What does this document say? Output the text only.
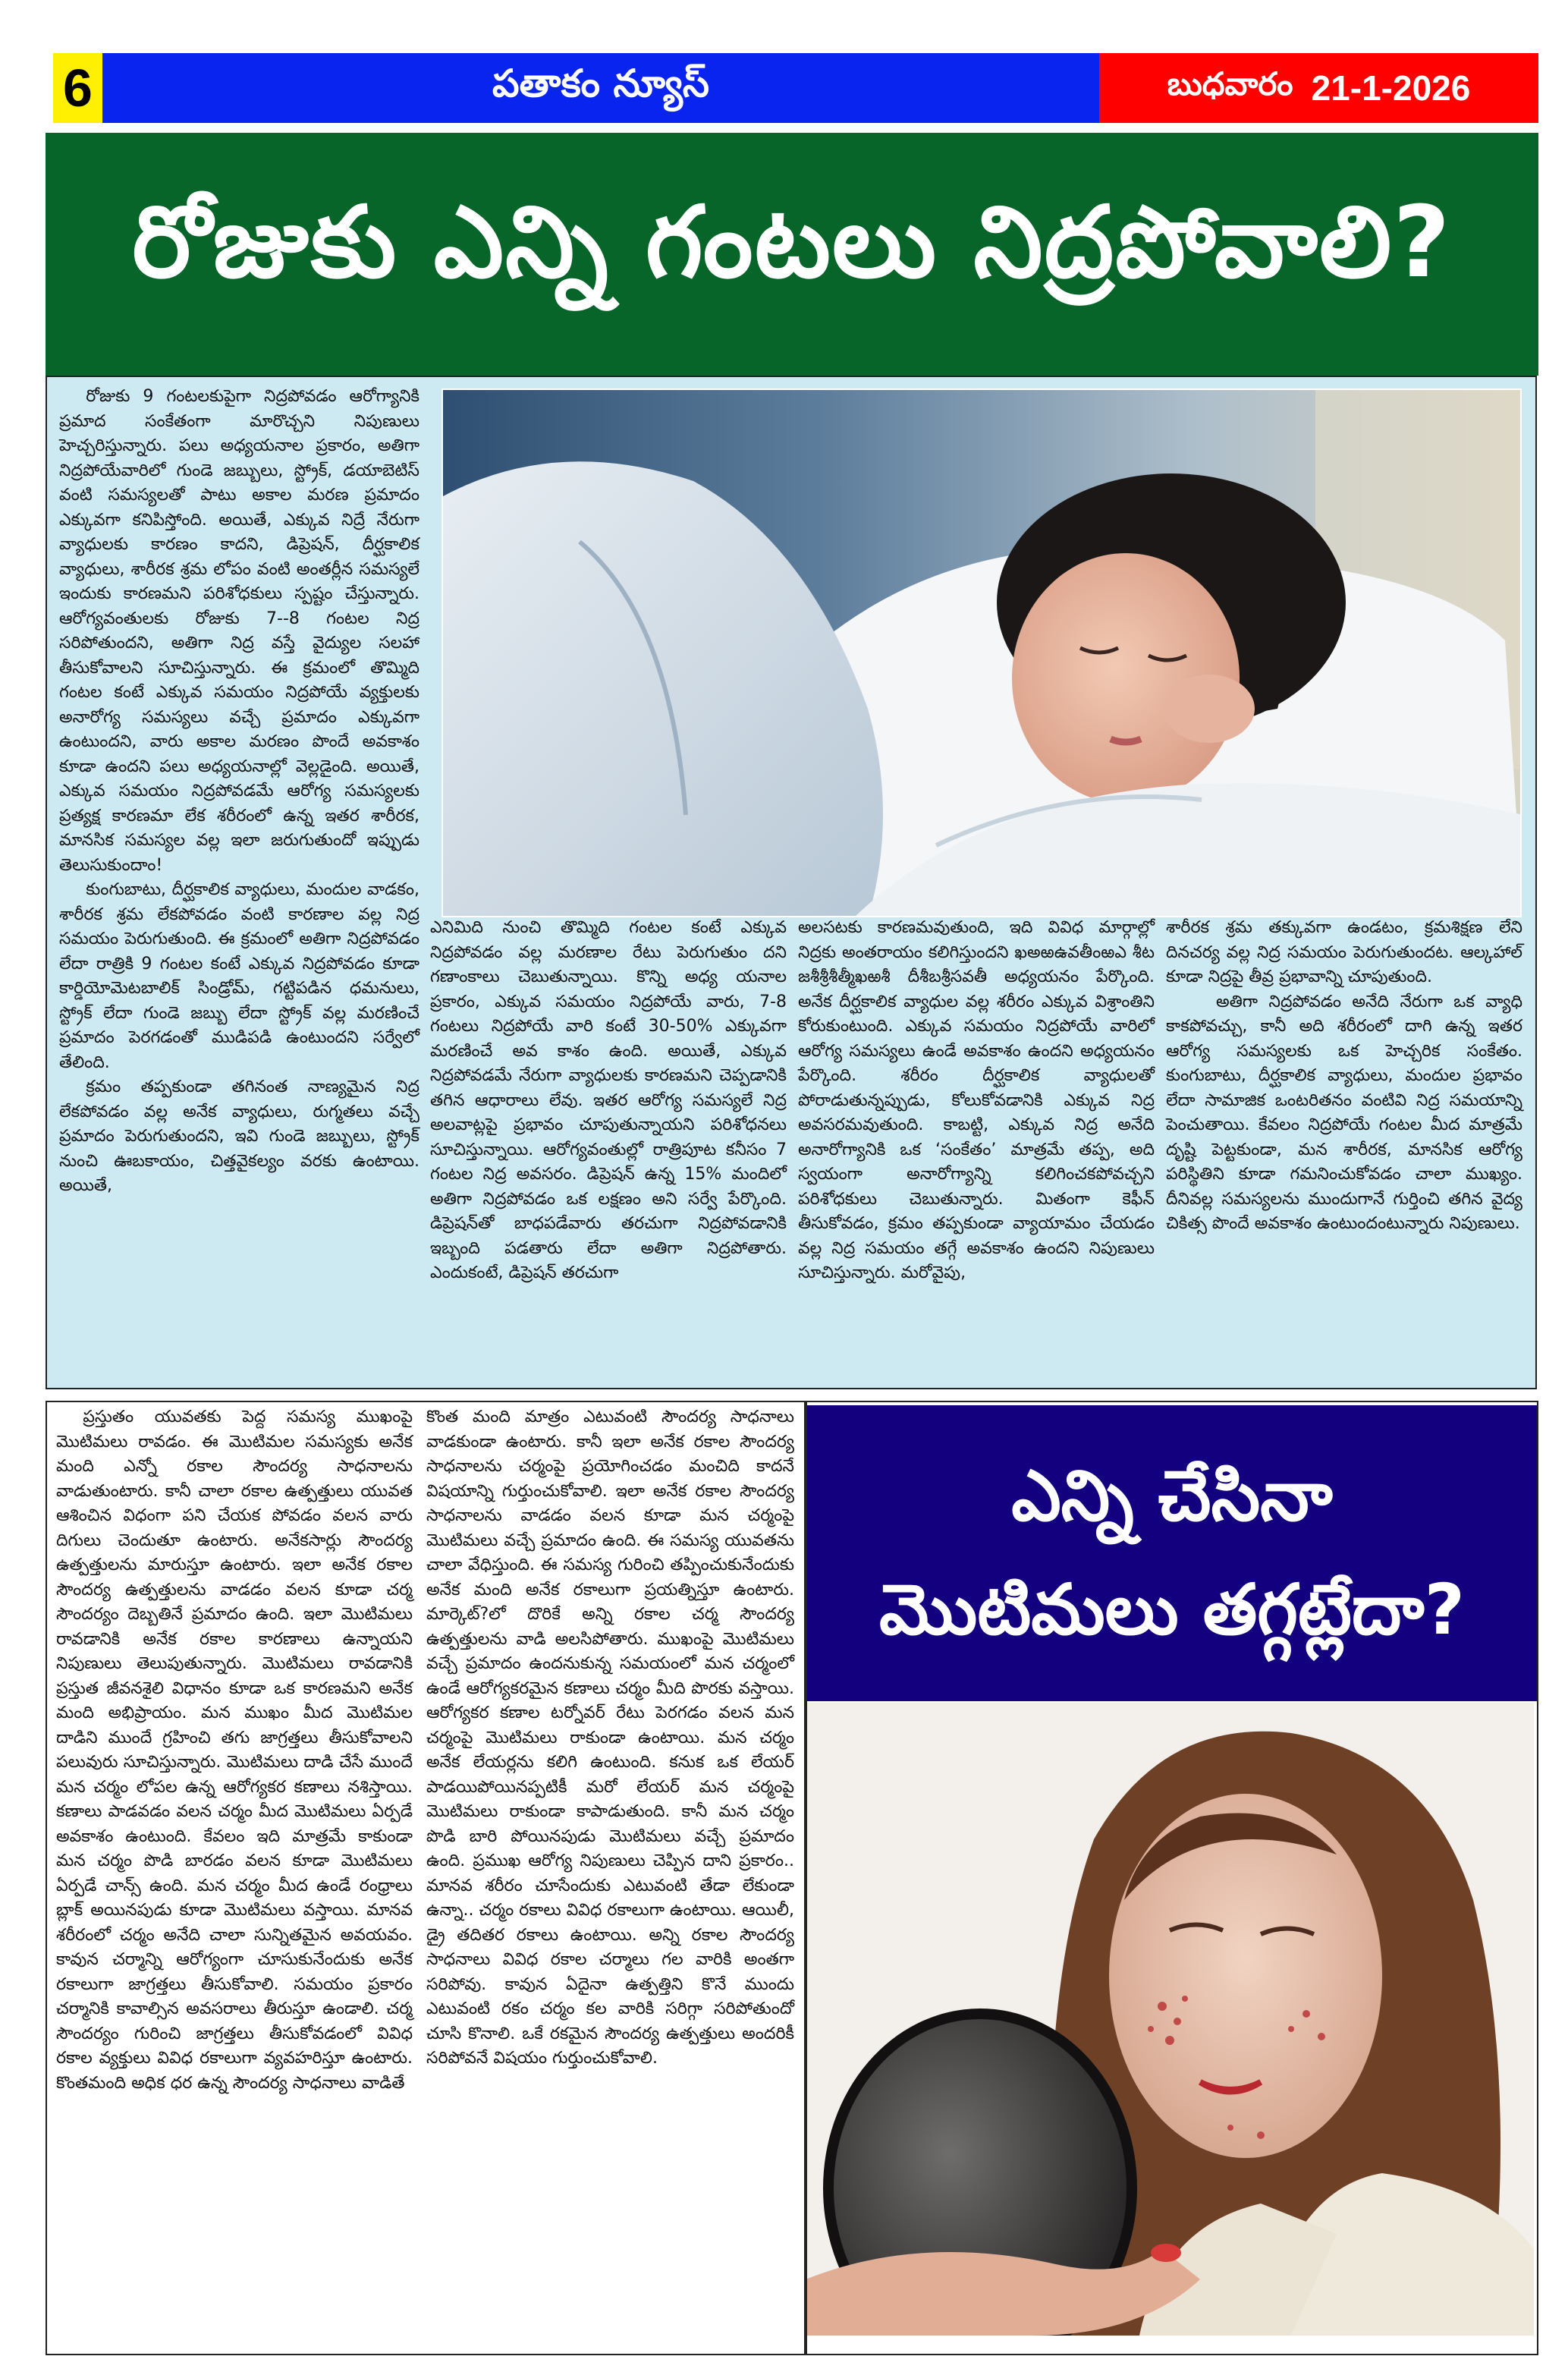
6	పతాకం న్యూస్	బుధవారం 21-1-2026
రోజుకు ఎన్ని గంటలు నిద్రపోవాలి?

రోజుకు 9 గంటలకుపైగా నిద్రపోవడం ఆరోగ్యానికి ప్రమాద సంకేతంగా మారొచ్చని నిపుణులు హెచ్చరిస్తున్నారు. పలు అధ్యయనాల ప్రకారం, అతిగా నిద్రపోయేవారిలో గుండె జబ్బులు, స్ట్రోక్, డయాబెటిస్ వంటి సమస్యలతో పాటు అకాల మరణ ప్రమాదం ఎక్కువగా కనిపిస్తోంది. అయితే, ఎక్కువ నిద్రే నేరుగా వ్యాధులకు కారణం కాదని, డిప్రెషన్, దీర్ఘకాలిక వ్యాధులు, శారీరక శ్రమ లోపం వంటి అంతర్లీన సమస్యలే ఇందుకు కారణమని పరిశోధకులు స్పష్టం చేస్తున్నారు. ఆరోగ్యవంతులకు రోజుకు 7--8 గంటల నిద్ర సరిపోతుందని, అతిగా నిద్ర వస్తే వైద్యుల సలహా తీసుకోవాలని సూచిస్తున్నారు. ఈ క్రమంలో తొమ్మిది గంటల కంటే ఎక్కువ సమయం నిద్రపోయే వ్యక్తులకు అనారోగ్య సమస్యలు వచ్చే ప్రమాదం ఎక్కువగా ఉంటుందని, వారు అకాల మరణం పొందే అవకాశం కూడా ఉందని పలు అధ్యయనాల్లో వెల్లడైంది. అయితే, ఎక్కువ సమయం నిద్రపోవడమే ఆరోగ్య సమస్యలకు ప్రత్యక్ష కారణమా లేక శరీరంలో ఉన్న ఇతర శారీరక, మానసిక సమస్యల వల్ల ఇలా జరుగుతుందో ఇప్పుడు తెలుసుకుందాం!

కుంగుబాటు, దీర్ఘకాలిక వ్యాధులు, మందుల వాడకం, శారీరక శ్రమ లేకపోవడం వంటి కారణాల వల్ల నిద్ర సమయం పెరుగుతుంది. ఈ క్రమంలో అతిగా నిద్రపోవడం లేదా రాత్రికి 9 గంటల కంటే ఎక్కువ నిద్రపోవడం కూడా కార్డియోమెటబాలిక్ సిండ్రోమ్, గట్టిపడిన ధమనులు, స్ట్రోక్ లేదా గుండె జబ్బు లేదా స్ట్రోక్ వల్ల మరణించే ప్రమాదం పెరగడంతో ముడిపడి ఉంటుందని సర్వేలో తేలింది.

క్రమం తప్పకుండా తగినంత నాణ్యమైన నిద్ర లేకపోవడం వల్ల అనేక వ్యాధులు, రుగ్మతలు వచ్చే ప్రమాదం పెరుగుతుందని, ఇవి గుండె జబ్బులు, స్ట్రోక్ నుంచి ఊబకాయం, చిత్తవైకల్యం వరకు ఉంటాయి. అయితే,

ఎనిమిది నుంచి తొమ్మిది గంటల కంటే ఎక్కువ నిద్రపోవడం వల్ల మరణాల రేటు పెరుగుతుం దని గణాంకాలు చెబుతున్నాయి. కొన్ని అధ్య యనాల ప్రకారం, ఎక్కువ సమయం నిద్రపోయే వారు, 7-8 గంటలు నిద్రపోయే వారి కంటే 30-50% ఎక్కువగా మరణించే అవ కాశం ఉంది. అయితే, ఎక్కువ నిద్రపోవడమే నేరుగా వ్యాధులకు కారణమని చెప్పడానికి తగిన ఆధారాలు లేవు. ఇతర ఆరోగ్య సమస్యలే నిద్ర అలవాట్లపై ప్రభావం చూపుతున్నాయని పరిశోధనలు సూచిస్తున్నాయి. ఆరోగ్యవంతుల్లో రాత్రిపూట కనీసం 7 గంటల నిద్ర అవసరం. డిప్రెషన్ ఉన్న 15% మందిలో అతిగా నిద్రపోవడం ఒక లక్షణం అని సర్వే పేర్కొంది. డిప్రెషన్‌తో బాధపడేవారు తరచుగా నిద్రపోవడానికి ఇబ్బంది పడతారు లేదా అతిగా నిద్రపోతారు. ఎందుకంటే, డిప్రెషన్ తరచుగా

అలసటకు కారణమవుతుంది, ఇది వివిధ మార్గాల్లో నిద్రకు అంతరాయం కలిగిస్తుందని ఖఅఱఉవతీంఱఎ శీట జశీశ్రీశీత్మీఖఱశీ దీశీబశ్రీసవతీ అధ్యయనం పేర్కొంది. అనేక దీర్ఘకాలిక వ్యాధుల వల్ల శరీరం ఎక్కువ విశ్రాంతిని కోరుకుంటుంది. ఎక్కువ సమయం నిద్రపోయే వారిలో ఆరోగ్య సమస్యలు ఉండే అవకాశం ఉందని అధ్యయనం పేర్కొంది. శరీరం దీర్ఘకాలిక వ్యాధులతో పోరాడుతున్నప్పుడు, కోలుకోవడానికి ఎక్కువ నిద్ర అవసరమవుతుంది. కాబట్టి, ఎక్కువ నిద్ర అనేది అనారోగ్యానికి ఒక ‘సంకేతం’ మాత్రమే తప్ప, అది స్వయంగా అనారోగ్యాన్ని కలిగించకపోవచ్చని పరిశోధకులు చెబుతున్నారు. మితంగా కెఫీన్ తీసుకోవడం, క్రమం తప్పకుండా వ్యాయామం చేయడం వల్ల నిద్ర సమయం తగ్గే అవకాశం ఉందని నిపుణులు సూచిస్తున్నారు. మరోవైపు,

శారీరక శ్రమ తక్కువగా ఉండటం, క్రమశిక్షణ లేని దినచర్య వల్ల నిద్ర సమయం పెరుగుతుందట. ఆల్కహాల్ కూడా నిద్రపై తీవ్ర ప్రభావాన్ని చూపుతుంది.

అతిగా నిద్రపోవడం అనేది నేరుగా ఒక వ్యాధి కాకపోవచ్చు, కానీ అది శరీరంలో దాగి ఉన్న ఇతర ఆరోగ్య సమస్యలకు ఒక హెచ్చరిక సంకేతం. కుంగుబాటు, దీర్ఘకాలిక వ్యాధులు, మందుల ప్రభావం లేదా సామాజిక ఒంటరితనం వంటివి నిద్ర సమయాన్ని పెంచుతాయి. కేవలం నిద్రపోయే గంటల మీద మాత్రమే దృష్టి పెట్టకుండా, మన శారీరక, మానసిక ఆరోగ్య పరిస్థితిని కూడా గమనించుకోవడం చాలా ముఖ్యం. దీనివల్ల సమస్యలను ముందుగానే గుర్తించి తగిన వైద్య చికిత్స పొందే అవకాశం ఉంటుందంటున్నారు నిపుణులు.

ప్రస్తుతం యువతకు పెద్ద సమస్య ముఖంపై మొటిమలు రావడం. ఈ మొటిమల సమస్యకు అనేక మంది ఎన్నో రకాల సౌందర్య సాధనాలను వాడుతుంటారు. కానీ చాలా రకాల ఉత్పత్తులు యువత ఆశించిన విధంగా పని చేయక పోవడం వలన వారు దిగులు చెందుతూ ఉంటారు. అనేకసార్లు సౌందర్య ఉత్పత్తులను మారుస్తూ ఉంటారు. ఇలా అనేక రకాల సౌందర్య ఉత్పత్తులను వాడడం వలన కూడా చర్మ సౌందర్యం దెబ్బతినే ప్రమాదం ఉంది. ఇలా మొటిమలు రావడానికి అనేక రకాల కారణాలు ఉన్నాయని నిపుణులు తెలుపుతున్నారు. మొటిమలు రావడానికి ప్రస్తుత జీవనశైలి విధానం కూడా ఒక కారణమని అనేక మంది అభిప్రాయం. మన ముఖం మీద మొటిమల దాడిని ముందే గ్రహించి తగు జాగ్రత్తలు తీసుకోవాలని పలువురు సూచిస్తున్నారు. మొటిమలు దాడి చేసే ముందే మన చర్మం లోపల ఉన్న ఆరోగ్యకర కణాలు నశిస్తాయి. కణాలు పాడవడం వలన చర్మం మీద మొటిమలు ఏర్పడే అవకాశం ఉంటుంది. కేవలం ఇది మాత్రమే కాకుండా మన చర్మం పొడి బారడం వలన కూడా మొటిమలు ఏర్పడే చాన్స్ ఉంది. మన చర్మం మీద ఉండే రంధ్రాలు బ్లాక్ అయినపుడు కూడా మొటిమలు వస్తాయి. మానవ శరీరంలో చర్మం అనేది చాలా సున్నితమైన అవయవం. కావున చర్మాన్ని ఆరోగ్యంగా చూసుకునేందుకు అనేక రకాలుగా జాగ్రత్తలు తీసుకోవాలి. సమయం ప్రకారం చర్మానికి కావాల్సిన అవసరాలు తీరుస్తూ ఉండాలి. చర్మ సౌందర్యం గురించి జాగ్రత్తలు తీసుకోవడంలో వివిధ రకాల వ్యక్తులు వివిధ రకాలుగా వ్యవహరిస్తూ ఉంటారు. కొంతమంది అధిక ధర ఉన్న సౌందర్య సాధనాలు వాడితే

కొంత మంది మాత్రం ఎటువంటి సౌందర్య సాధనాలు వాడకుండా ఉంటారు. కానీ ఇలా అనేక రకాల సౌందర్య సాధనాలను చర్మంపై ప్రయోగించడం మంచిది కాదనే విషయాన్ని గుర్తుంచుకోవాలి. ఇలా అనేక రకాల సౌందర్య సాధనాలను వాడడం వలన కూడా మన చర్మంపై మొటిమలు వచ్చే ప్రమాదం ఉంది. ఈ సమస్య యువతను చాలా వేధిస్తుంది. ఈ సమస్య గురించి తప్పించుకునేందుకు అనేక మంది అనేక రకాలుగా ప్రయత్నిస్తూ ఉంటారు. మార్కెట్?లో దొరికే అన్ని రకాల చర్మ సౌందర్య ఉత్పత్తులను వాడి అలసిపోతారు. ముఖంపై మొటిమలు వచ్చే ప్రమాదం ఉందనుకున్న సమయంలో మన చర్మంలో ఉండే ఆరోగ్యకరమైన కణాలు చర్మం మీది పొరకు వస్తాయి. ఆరోగ్యకర కణాల టర్నోవర్ రేటు పెరగడం వలన మన చర్మంపై మొటిమలు రాకుండా ఉంటాయి. మన చర్మం అనేక లేయర్లను కలిగి ఉంటుంది. కనుక ఒక లేయర్ పాడయిపోయినప్పటికీ మరో లేయర్ మన చర్మంపై మొటిమలు రాకుండా కాపాడుతుంది. కానీ మన చర్మం పొడి బారి పోయినపుడు మొటిమలు వచ్చే ప్రమాదం ఉంది. ప్రముఖ ఆరోగ్య నిపుణులు చెప్పిన దాని ప్రకారం.. మానవ శరీరం చూసేందుకు ఎటువంటి తేడా లేకుండా ఉన్నా.. చర్మం రకాలు వివిధ రకాలుగా ఉంటాయి. ఆయిలీ, డ్రై తదితర రకాలు ఉంటాయి. అన్ని రకాల సౌందర్య సాధనాలు వివిధ రకాల చర్మాలు గల వారికి అంతగా సరిపోవు. కావున ఏదైనా ఉత్పత్తిని కొనే ముందు ఎటువంటి రకం చర్మం కల వారికి సరిగ్గా సరిపోతుందో చూసి కొనాలి. ఒకే రకమైన సౌందర్య ఉత్పత్తులు అందరికీ సరిపోవనే విషయం గుర్తుంచుకోవాలి.

ఎన్ని చేసినా
మొటిమలు తగ్గట్లేదా?
